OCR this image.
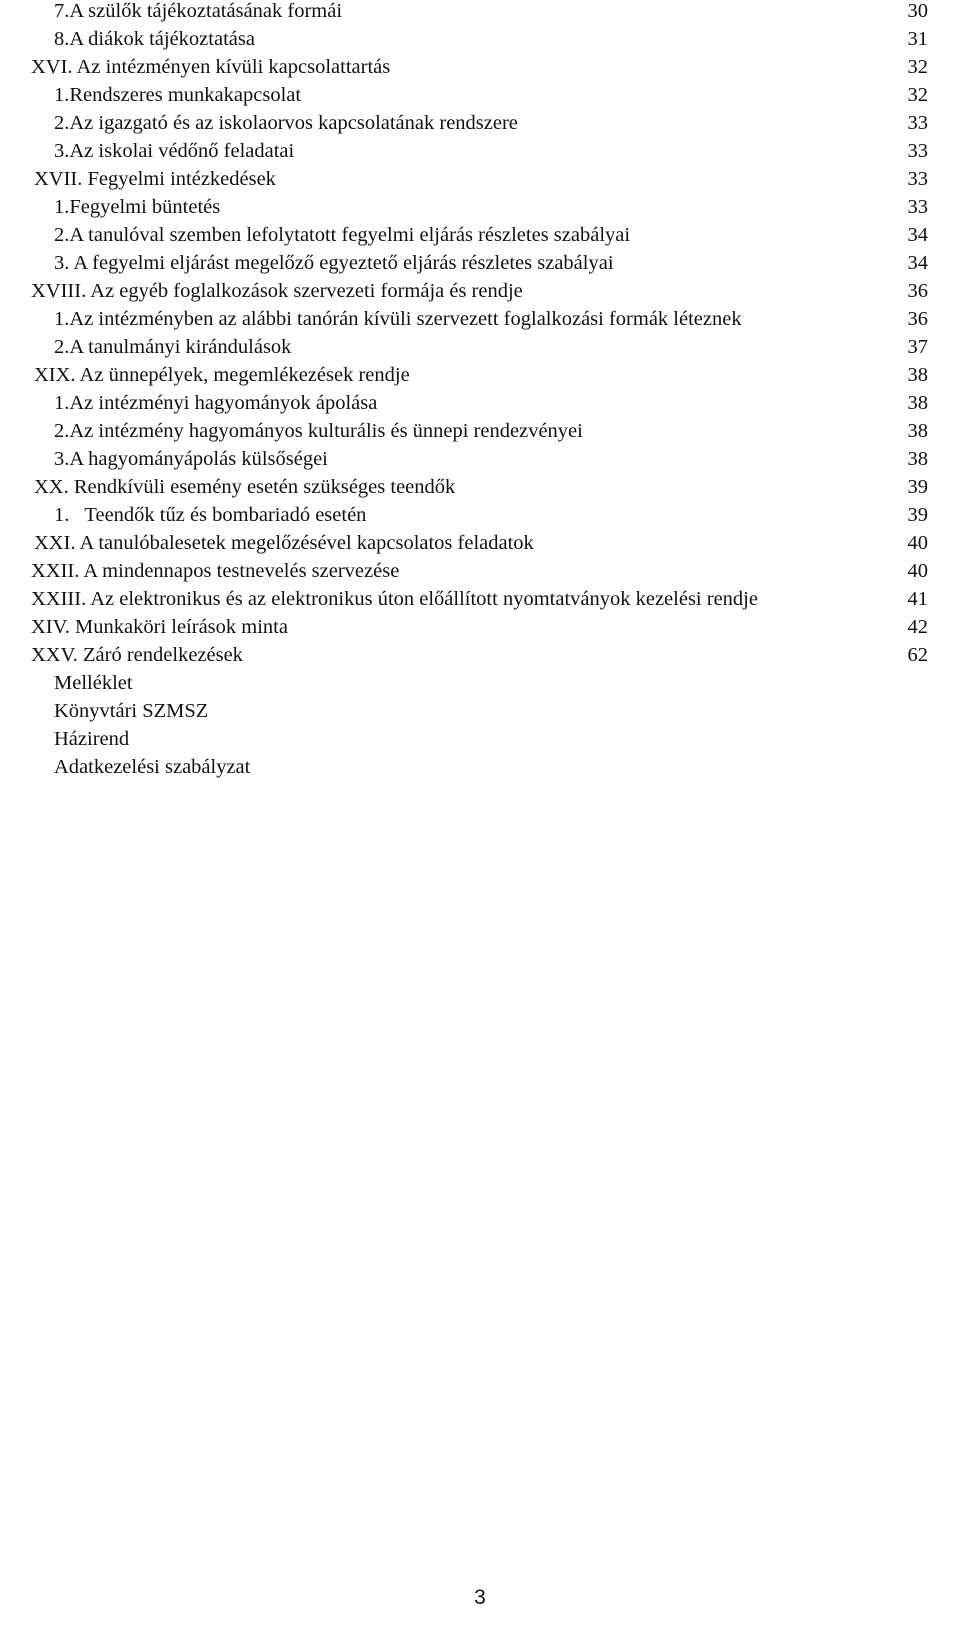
7.A szülők tájékoztatásának formái	30
8.A diákok tájékoztatása	31
XVI. Az intézményen kívüli kapcsolattartás	32
1.Rendszeres munkakapcsolat	32
2.Az igazgató és az iskolaorvos kapcsolatának rendszere	33
3.Az iskolai védőnő feladatai	33
XVII. Fegyelmi intézkedések	33
1.Fegyelmi büntetés	33
2.A tanulóval szemben lefolytatott fegyelmi eljárás részletes szabályai	34
3. A fegyelmi eljárást megelőző egyeztető eljárás részletes szabályai	34
XVIII. Az egyéb foglalkozások szervezeti formája és rendje	36
1.Az intézményben az alábbi tanórán kívüli szervezett foglalkozási formák léteznek	36
2.A tanulmányi kirándulások	37
XIX. Az ünnepélyek, megemlékezések rendje	38
1.Az intézményi hagyományok ápolása	38
2.Az intézmény hagyományos kulturális és ünnepi rendezvényei	38
3.A hagyományápolás külsőségei	38
XX. Rendkívüli esemény esetén szükséges teendők	39
1.   Teendők tűz és bombariadó esetén	39
XXI. A tanulóbalesetek megelőzésével kapcsolatos feladatok	40
XXII. A mindennapos testnevelés szervezése	40
XXIII. Az elektronikus és az elektronikus úton előállított nyomtatványok kezelési rendje	41
XIV. Munkaköri leírások minta	42
XXV. Záró rendelkezések	62
Melléklet
Könyvtári SZMSZ
Házirend
Adatkezelési szabályzat
3
